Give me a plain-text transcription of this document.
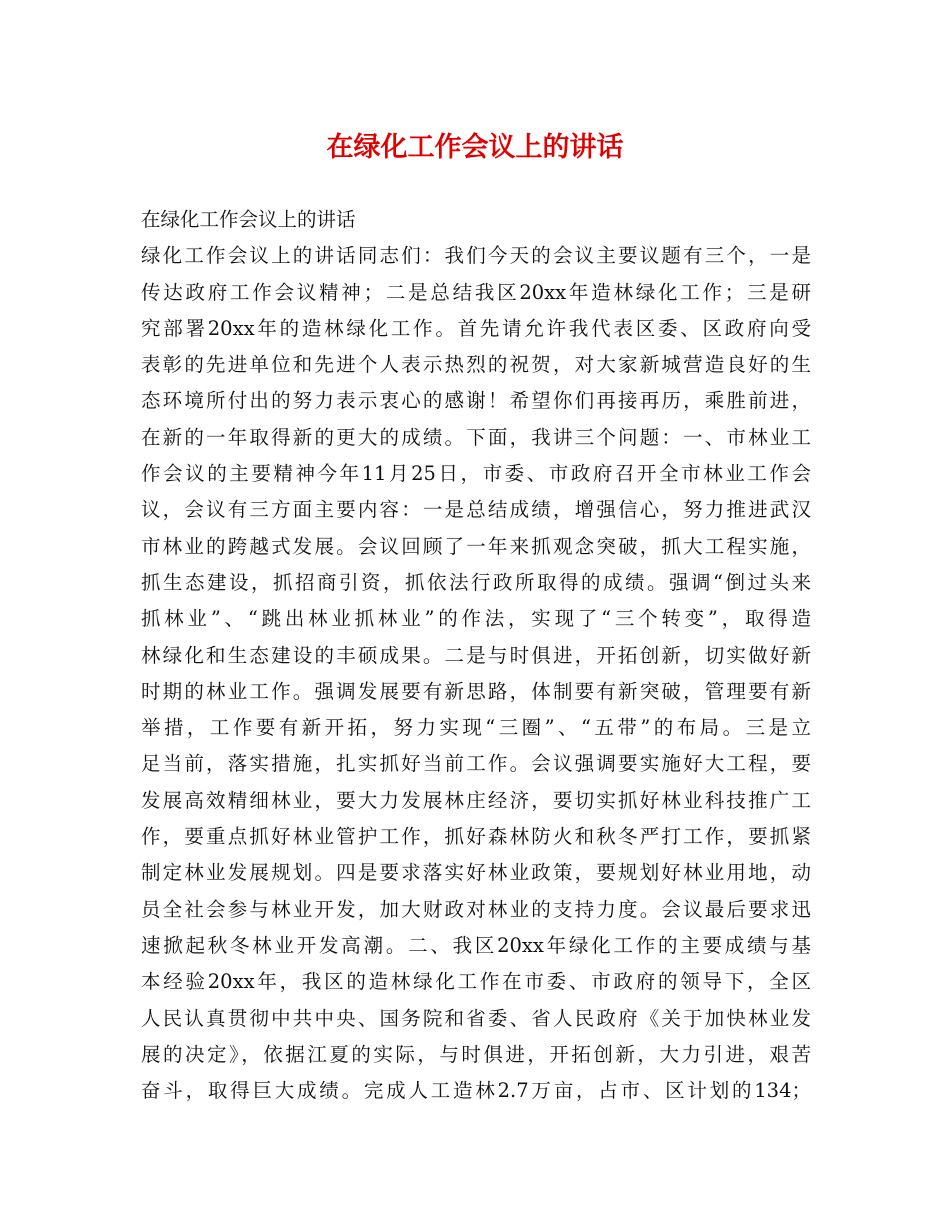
在绿化工作会议上的讲话
在绿化工作会议上的讲话
绿化工作会议上的讲话同志们：我们今天的会议主要议题有三个，一是
传达政府工作会议精神；二是总结我区20xx年造林绿化工作；三是研
究部署20xx年的造林绿化工作。首先请允许我代表区委、区政府向受
表彰的先进单位和先进个人表示热烈的祝贺，对大家新城营造良好的生
态环境所付出的努力表示衷心的感谢！希望你们再接再历，乘胜前进，
在新的一年取得新的更大的成绩。下面，我讲三个问题：一、市林业工
作会议的主要精神今年11月25日，市委、市政府召开全市林业工作会
议，会议有三方面主要内容：一是总结成绩，增强信心，努力推进武汉
市林业的跨越式发展。会议回顾了一年来抓观念突破，抓大工程实施，
抓生态建设，抓招商引资，抓依法行政所取得的成绩。强调“倒过头来
抓林业”、“跳出林业抓林业”的作法，实现了“三个转变”，取得造
林绿化和生态建设的丰硕成果。二是与时俱进，开拓创新，切实做好新
时期的林业工作。强调发展要有新思路，体制要有新突破，管理要有新
举措，工作要有新开拓，努力实现“三圈”、“五带”的布局。三是立
足当前，落实措施，扎实抓好当前工作。会议强调要实施好大工程，要
发展高效精细林业，要大力发展林庄经济，要切实抓好林业科技推广工
作，要重点抓好林业管护工作，抓好森林防火和秋冬严打工作，要抓紧
制定林业发展规划。四是要求落实好林业政策，要规划好林业用地，动
员全社会参与林业开发，加大财政对林业的支持力度。会议最后要求迅
速掀起秋冬林业开发高潮。二、我区20xx年绿化工作的主要成绩与基
本经验20xx年，我区的造林绿化工作在市委、市政府的领导下，全区
人民认真贯彻中共中央、国务院和省委、省人民政府《关于加快林业发
展的决定》，依据江夏的实际，与时俱进，开拓创新，大力引进，艰苦
奋斗，取得巨大成绩。完成人工造林2.7万亩，占市、区计划的134；
